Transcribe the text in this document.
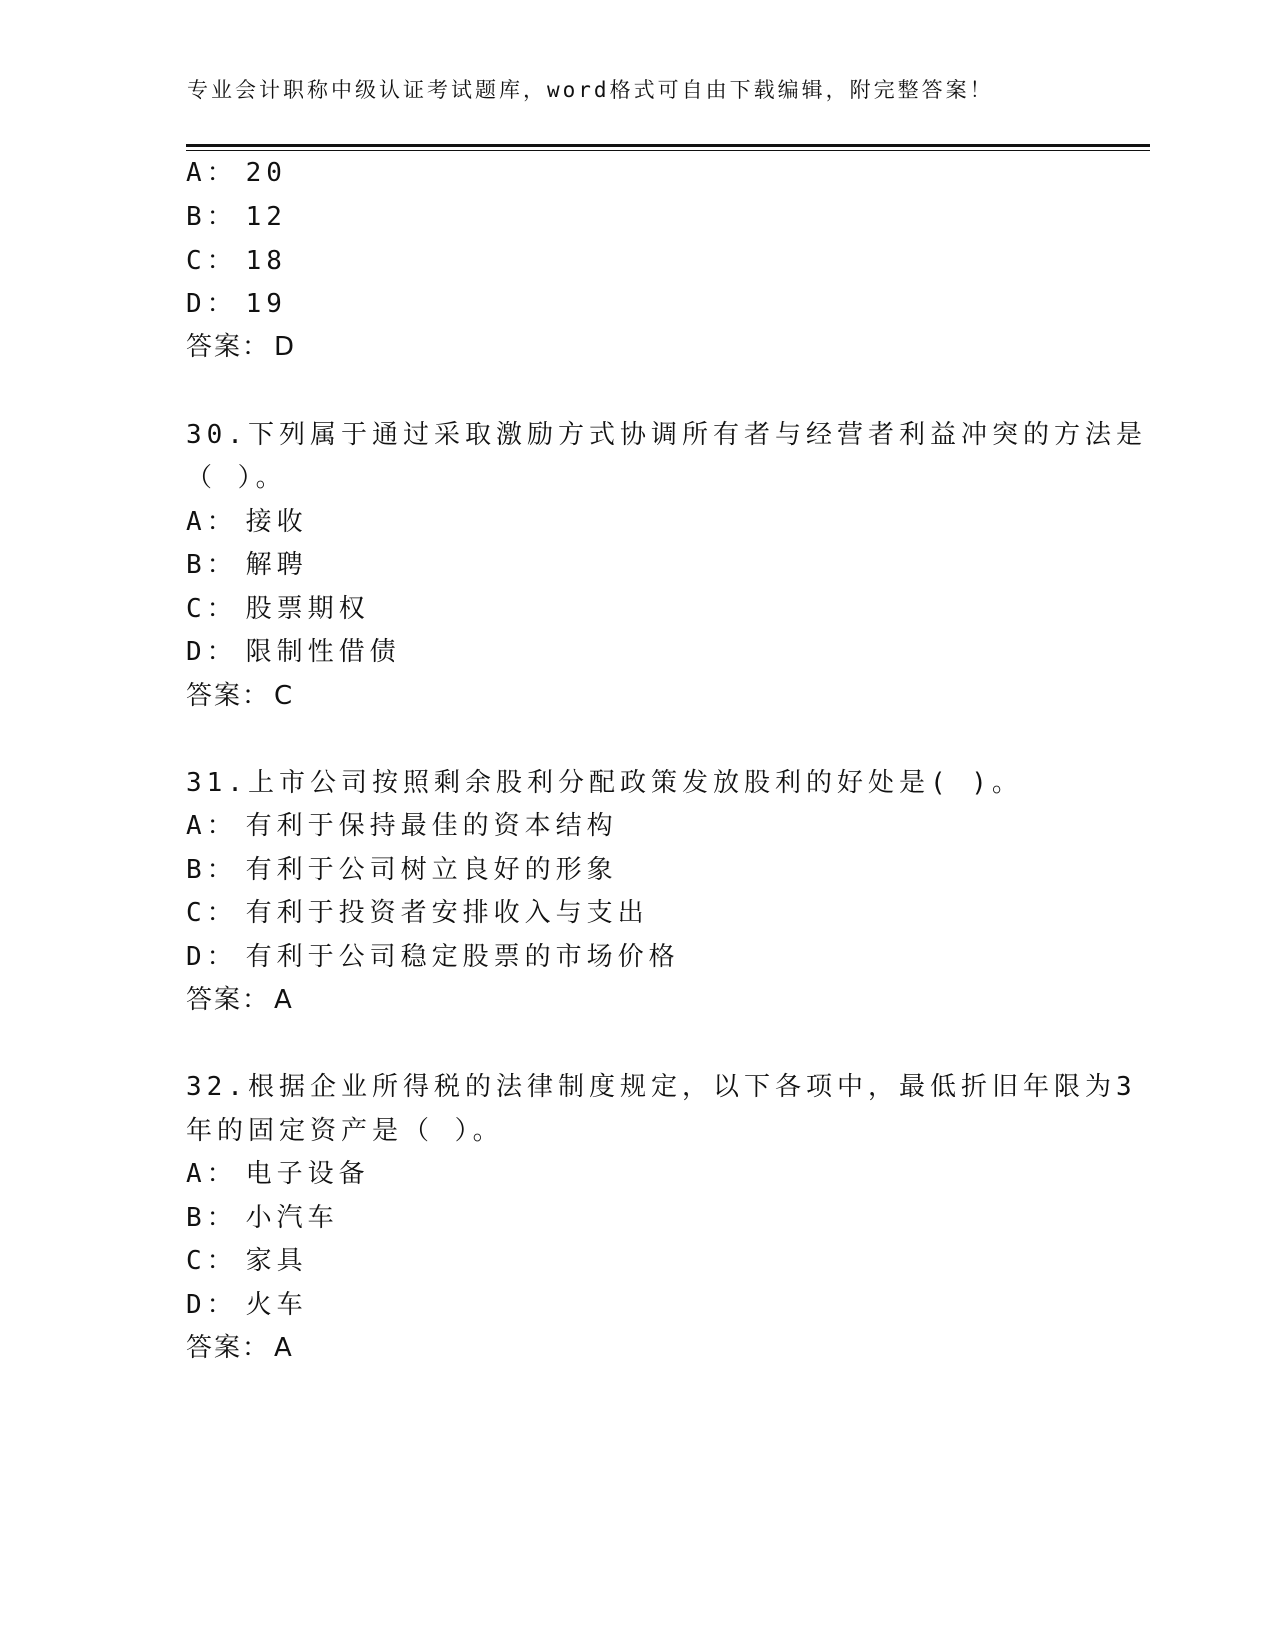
专业会计职称中级认证考试题库，word格式可自由下载编辑，附完整答案！
A： 20
B： 12
C： 18
D： 19
答案： D
30.下列属于通过采取激励方式协调所有者与经营者利益冲突的方法是
（ ）。
A： 接收
B： 解聘
C： 股票期权
D： 限制性借债
答案： C
31.上市公司按照剩余股利分配政策发放股利的好处是( )。
A： 有利于保持最佳的资本结构
B： 有利于公司树立良好的形象
C： 有利于投资者安排收入与支出
D： 有利于公司稳定股票的市场价格
答案： A
32.根据企业所得税的法律制度规定，以下各项中，最低折旧年限为3
年的固定资产是（ ）。
A： 电子设备
B： 小汽车
C： 家具
D： 火车
答案： A
